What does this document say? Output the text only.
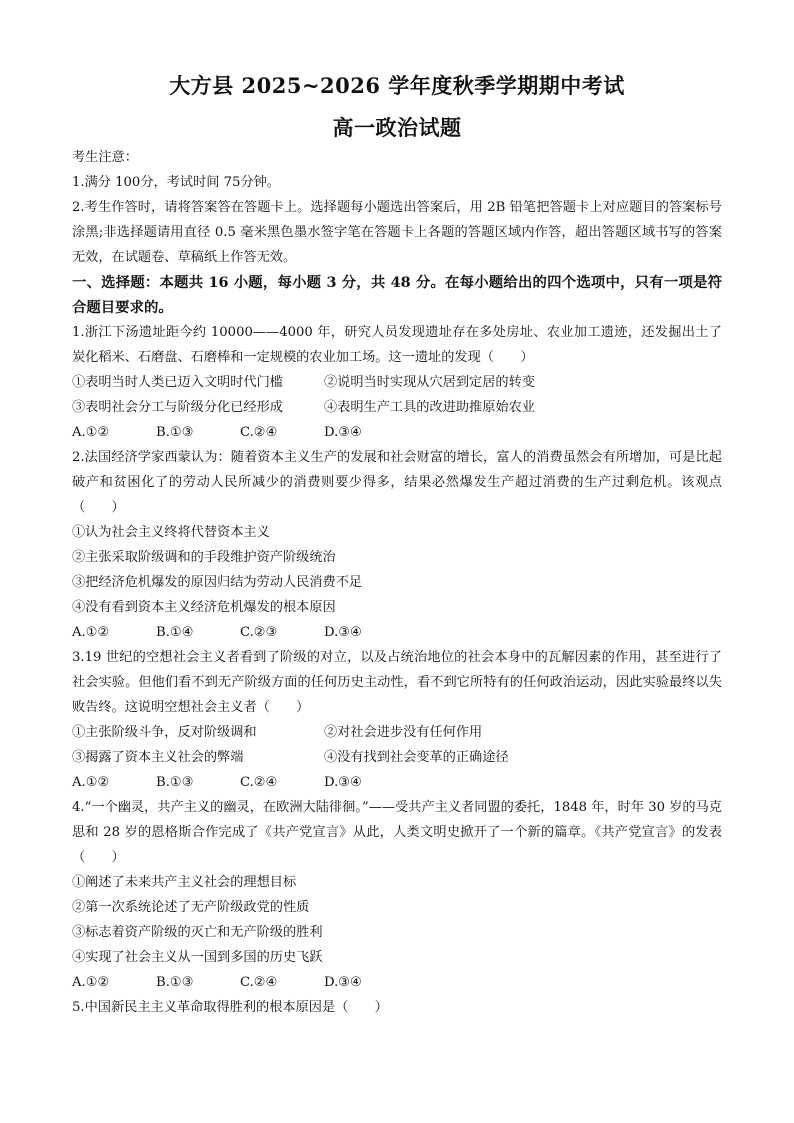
大方县 2025~2026 学年度秋季学期期中考试
高一政治试题
考生注意：
1.满分 100分，考试时间 75分钟。
2.考生作答时，请将答案答在答题卡上。选择题每小题选出答案后，用 2B 铅笔把答题卡上对应题目的答案标号涂黑;非选择题请用直径 0.5 毫米黑色墨水签字笔在答题卡上各题的答题区域内作答，超出答题区域书写的答案无效，在试题卷、草稿纸上作答无效。
一、选择题：本题共 16 小题，每小题 3 分，共 48 分。在每小题给出的四个选项中，只有一项是符合题目要求的。
1.浙江下汤遗址距今约 10000——4000 年，研究人员发现遗址存在多处房址、农业加工遗迹，还发掘出土了炭化稻米、石磨盘、石磨棒和一定规模的农业加工场。这一遗址的发现（　　）
①表明当时人类已迈入文明时代门槛	②说明当时实现从穴居到定居的转变
③表明社会分工与阶级分化已经形成	④表明生产工具的改进助推原始农业
A.①②	B.①③	C.②④	D.③④
2.法国经济学家西蒙认为：随着资本主义生产的发展和社会财富的增长，富人的消费虽然会有所增加，可是比起破产和贫困化了的劳动人民所减少的消费则要少得多，结果必然爆发生产超过消费的生产过剩危机。该观点（　　）
①认为社会主义终将代替资本主义
②主张采取阶级调和的手段维护资产阶级统治
③把经济危机爆发的原因归结为劳动人民消费不足
④没有看到资本主义经济危机爆发的根本原因
A.①②	B.①④	C.②③	D.③④
3.19 世纪的空想社会主义者看到了阶级的对立，以及占统治地位的社会本身中的瓦解因素的作用，甚至进行了社会实验。但他们看不到无产阶级方面的任何历史主动性，看不到它所特有的任何政治运动，因此实验最终以失败告终。这说明空想社会主义者（　　）
①主张阶级斗争，反对阶级调和	②对社会进步没有任何作用
③揭露了资本主义社会的弊端	④没有找到社会变革的正确途径
A.①②	B.①③	C.②④	D.③④
4.“一个幽灵，共产主义的幽灵，在欧洲大陆徘徊。”——受共产主义者同盟的委托，1848 年，时年 30 岁的马克思和 28 岁的恩格斯合作完成了《共产党宣言》从此，人类文明史掀开了一个新的篇章。《共产党宣言》的发表（　　）
①阐述了未来共产主义社会的理想目标
②第一次系统论述了无产阶级政党的性质
③标志着资产阶级的灭亡和无产阶级的胜利
④实现了社会主义从一国到多国的历史飞跃
A.①②	B.①③	C.②④	D.③④
5.中国新民主主义革命取得胜利的根本原因是（　　）
